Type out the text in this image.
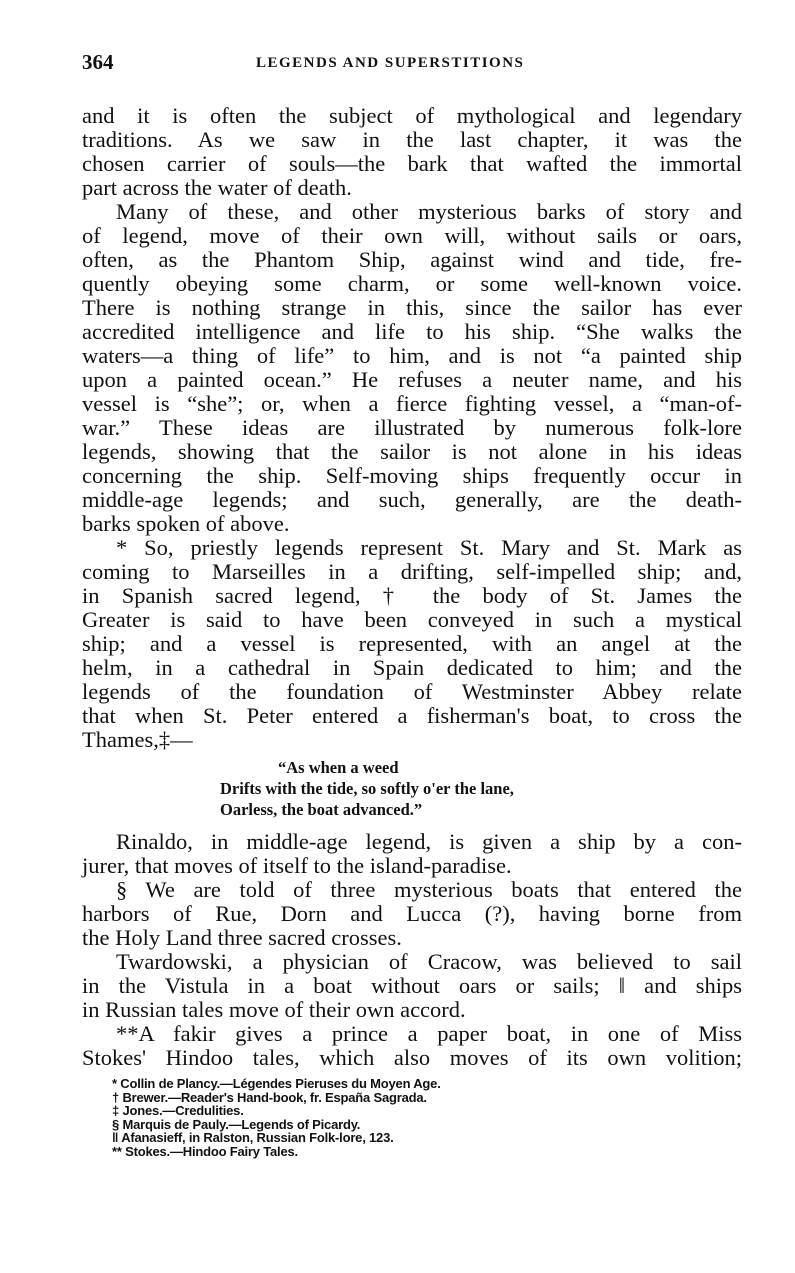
364	LEGENDS AND SUPERSTITIONS
and it is often the subject of mythological and legendary
traditions. As we saw in the last chapter, it was the
chosen carrier of souls—the bark that wafted the immortal
part across the water of death.
Many of these, and other mysterious barks of story and
of legend, move of their own will, without sails or oars,
often, as the Phantom Ship, against wind and tide, fre-
quently obeying some charm, or some well-known voice.
There is nothing strange in this, since the sailor has ever
accredited intelligence and life to his ship. “She walks the
waters—a thing of life” to him, and is not “a painted ship
upon a painted ocean.” He refuses a neuter name, and his
vessel is “she”; or, when a fierce fighting vessel, a “man-of-
war.” These ideas are illustrated by numerous folk-lore
legends, showing that the sailor is not alone in his ideas
concerning the ship. Self-moving ships frequently occur in
middle-age legends; and such, generally, are the death-
barks spoken of above.
* So, priestly legends represent St. Mary and St. Mark as
coming to Marseilles in a drifting, self-impelled ship; and,
in Spanish sacred legend, † the body of St. James the
Greater is said to have been conveyed in such a mystical
ship; and a vessel is represented, with an angel at the
helm, in a cathedral in Spain dedicated to him; and the
legends of the foundation of Westminster Abbey relate
that when St. Peter entered a fisherman's boat, to cross the
Thames,‡—
Rinaldo, in middle-age legend, is given a ship by a con-
jurer, that moves of itself to the island-paradise.
§ We are told of three mysterious boats that entered the
harbors of Rue, Dorn and Lucca (?), having borne from
the Holy Land three sacred crosses.
Twardowski, a physician of Cracow, was believed to sail
in the Vistula in a boat without oars or sails; ‖ and ships
in Russian tales move of their own accord.
**A fakir gives a prince a paper boat, in one of Miss
Stokes' Hindoo tales, which also moves of its own volition;
“As when a weed
Drifts with the tide, so softly o'er the lane,
Oarless, the boat advanced.”
* Collin de Plancy.—Légendes Pieruses du Moyen Age.
† Brewer.—Reader's Hand-book, fr. España Sagrada.
‡ Jones.—Credulities.
§ Marquis de Pauly.—Legends of Picardy.
‖ Afanasieff, in Ralston, Russian Folk-lore, 123.
** Stokes.—Hindoo Fairy Tales.
